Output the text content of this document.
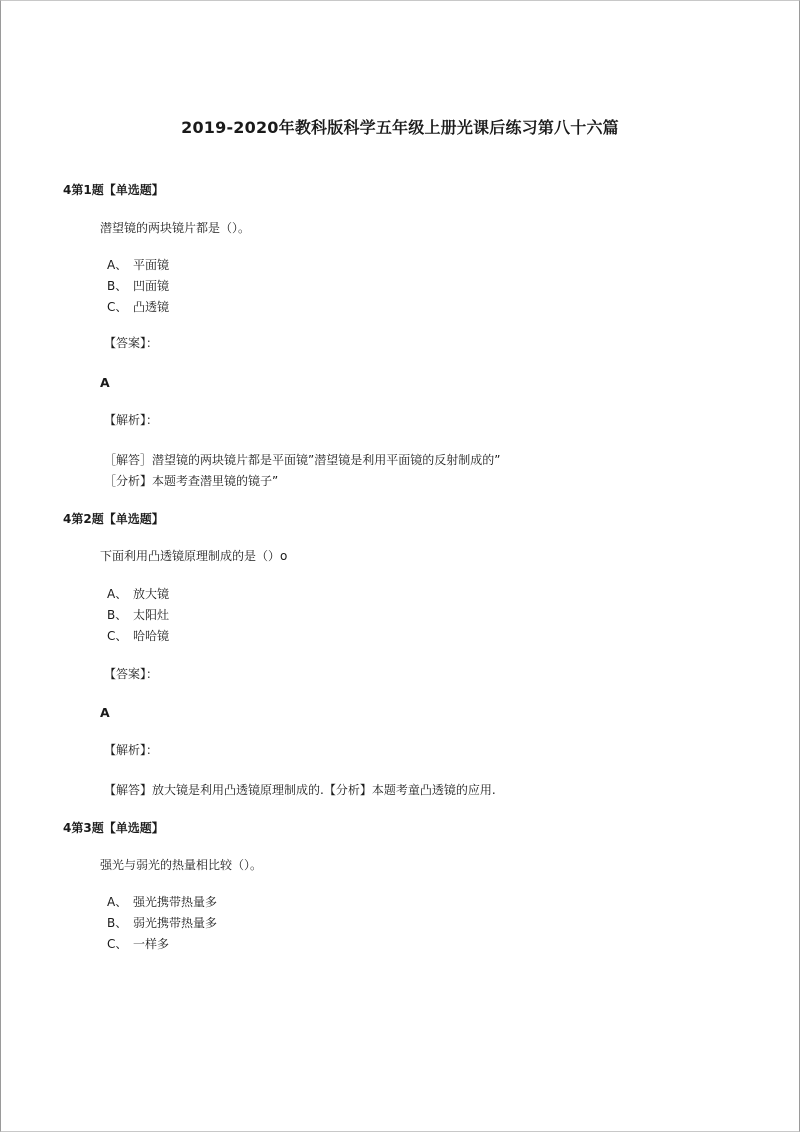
2019-2020年教科版科学五年级上册光课后练习第八十六篇
4第1题【单选题】
潜望镜的两块镜片都是（）。
A、 平面镜
B、 凹面镜
C、 凸透镜
【答案】：
A
【解析】：
［解答］潜望镜的两块镜片都是平面镜”潜望镜是利用平面镜的反射制成的”
［分析】本题考查潜里镜的镜子”
4第2题【单选题】
下面利用凸透镜原理制成的是（）o
A、 放大镜
B、 太阳灶
C、 哈哈镜
【答案】：
A
【解析】：
【解答】放大镜是利用凸透镜原理制成的.【分析】本题考童凸透镜的应用.
4第3题【单选题】
强光与弱光的热量相比较（）。
A、 强光携带热量多
B、 弱光携带热量多
C、 一样多
